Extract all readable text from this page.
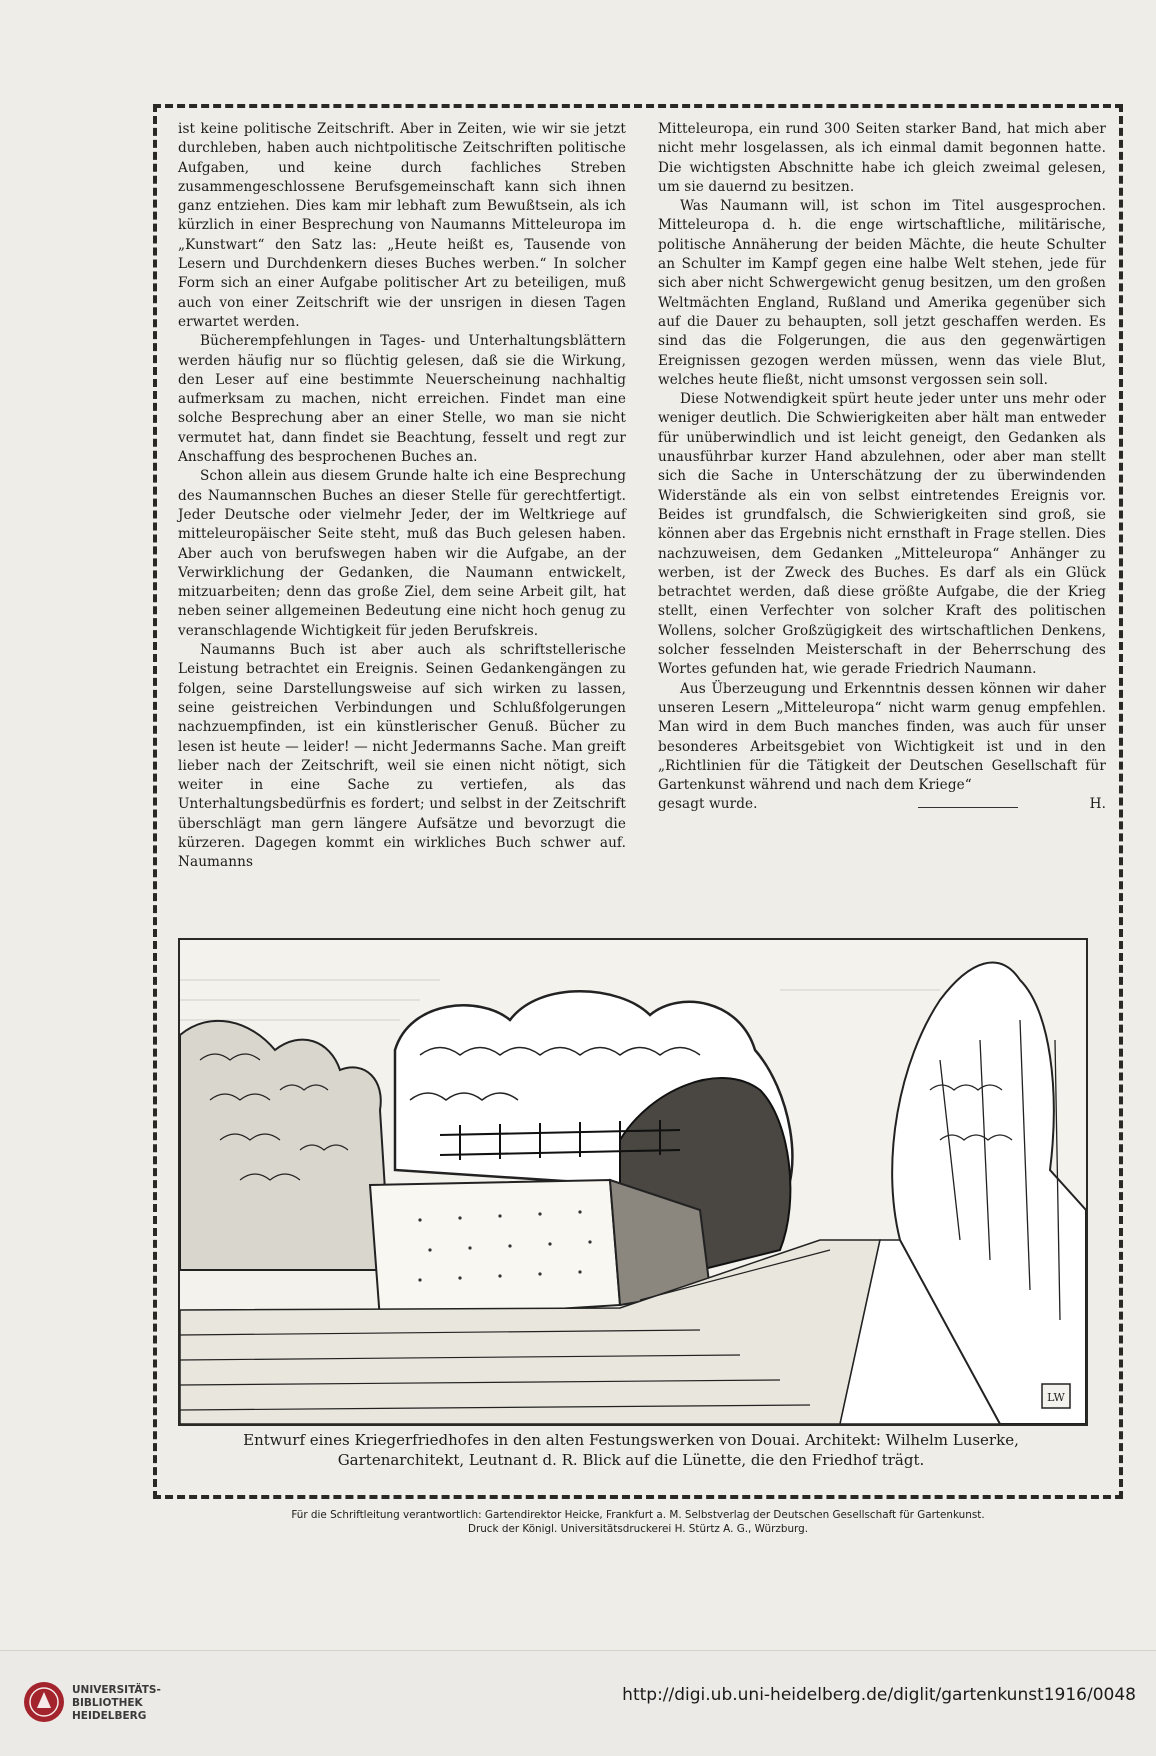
ist keine politische Zeitschrift. Aber in Zeiten, wie wir sie jetzt durchleben, haben auch nichtpolitische Zeitschriften politische Aufgaben, und keine durch fachliches Streben zusammengeschlossene Berufsgemeinschaft kann sich ihnen ganz entziehen. Dies kam mir lebhaft zum Bewußtsein, als ich kürzlich in einer Besprechung von Naumanns Mitteleuropa im „Kunstwart“ den Satz las: „Heute heißt es, Tausende von Lesern und Durchdenkern dieses Buches werben.“ In solcher Form sich an einer Aufgabe politischer Art zu beteiligen, muß auch von einer Zeitschrift wie der unsrigen in diesen Tagen erwartet werden.

Bücherempfehlungen in Tages- und Unterhaltungsblättern werden häufig nur so flüchtig gelesen, daß sie die Wirkung, den Leser auf eine bestimmte Neuerscheinung nachhaltig aufmerksam zu machen, nicht erreichen. Findet man eine solche Besprechung aber an einer Stelle, wo man sie nicht vermutet hat, dann findet sie Beachtung, fesselt und regt zur Anschaffung des besprochenen Buches an.

Schon allein aus diesem Grunde halte ich eine Besprechung des Naumannschen Buches an dieser Stelle für gerechtfertigt. Jeder Deutsche oder vielmehr Jeder, der im Weltkriege auf mitteleuropäischer Seite steht, muß das Buch gelesen haben. Aber auch von berufswegen haben wir die Aufgabe, an der Verwirklichung der Gedanken, die Naumann entwickelt, mitzuarbeiten; denn das große Ziel, dem seine Arbeit gilt, hat neben seiner allgemeinen Bedeutung eine nicht hoch genug zu veranschlagende Wichtigkeit für jeden Berufskreis.

Naumanns Buch ist aber auch als schriftstellerische Leistung betrachtet ein Ereignis. Seinen Gedankengängen zu folgen, seine Darstellungsweise auf sich wirken zu lassen, seine geistreichen Verbindungen und Schlußfolgerungen nachzuempfinden, ist ein künstlerischer Genuß. Bücher zu lesen ist heute — leider! — nicht Jedermanns Sache. Man greift lieber nach der Zeitschrift, weil sie einen nicht nötigt, sich weiter in eine Sache zu vertiefen, als das Unterhaltungsbedürfnis es fordert; und selbst in der Zeitschrift überschlägt man gern längere Aufsätze und bevorzugt die kürzeren. Dagegen kommt ein wirkliches Buch schwer auf. Naumanns

Mitteleuropa, ein rund 300 Seiten starker Band, hat mich aber nicht mehr losgelassen, als ich einmal damit begonnen hatte. Die wichtigsten Abschnitte habe ich gleich zweimal gelesen, um sie dauernd zu besitzen.

Was Naumann will, ist schon im Titel ausgesprochen. Mitteleuropa d. h. die enge wirtschaftliche, militärische, politische Annäherung der beiden Mächte, die heute Schulter an Schulter im Kampf gegen eine halbe Welt stehen, jede für sich aber nicht Schwergewicht genug besitzen, um den großen Weltmächten England, Rußland und Amerika gegenüber sich auf die Dauer zu behaupten, soll jetzt geschaffen werden. Es sind das die Folgerungen, die aus den gegenwärtigen Ereignissen gezogen werden müssen, wenn das viele Blut, welches heute fließt, nicht umsonst vergossen sein soll.

Diese Notwendigkeit spürt heute jeder unter uns mehr oder weniger deutlich. Die Schwierigkeiten aber hält man entweder für unüberwindlich und ist leicht geneigt, den Gedanken als unausführbar kurzer Hand abzulehnen, oder aber man stellt sich die Sache in Unterschätzung der zu überwindenden Widerstände als ein von selbst eintretendes Ereignis vor. Beides ist grundfalsch, die Schwierigkeiten sind groß, sie können aber das Ergebnis nicht ernsthaft in Frage stellen. Dies nachzuweisen, dem Gedanken „Mitteleuropa“ Anhänger zu werben, ist der Zweck des Buches. Es darf als ein Glück betrachtet werden, daß diese größte Aufgabe, die der Krieg stellt, einen Verfechter von solcher Kraft des politischen Wollens, solcher Großzügigkeit des wirtschaftlichen Denkens, solcher fesselnden Meisterschaft in der Beherrschung des Wortes gefunden hat, wie gerade Friedrich Naumann.

Aus Überzeugung und Erkenntnis dessen können wir daher unseren Lesern „Mitteleuropa“ nicht warm genug empfehlen. Man wird in dem Buch manches finden, was auch für unser besonderes Arbeitsgebiet von Wichtigkeit ist und in den „Richtlinien für die Tätigkeit der Deutschen Gesellschaft für Gartenkunst während und nach dem Kriege“

gesagt wurde.	H.

LW
Entwurf eines Kriegerfriedhofes in den alten Festungswerken von Douai. Architekt: Wilhelm Luserke,
Gartenarchitekt, Leutnant d. R. Blick auf die Lünette, die den Friedhof trägt.
Für die Schriftleitung verantwortlich: Gartendirektor Heicke, Frankfurt a. M. Selbstverlag der Deutschen Gesellschaft für Gartenkunst.
Druck der Königl. Universitätsdruckerei H. Stürtz A. G., Würzburg.
UNIVERSITÄTS-
BIBLIOTHEK
HEIDELBERG
http://digi.ub.uni-heidelberg.de/diglit/gartenkunst1916/0048
